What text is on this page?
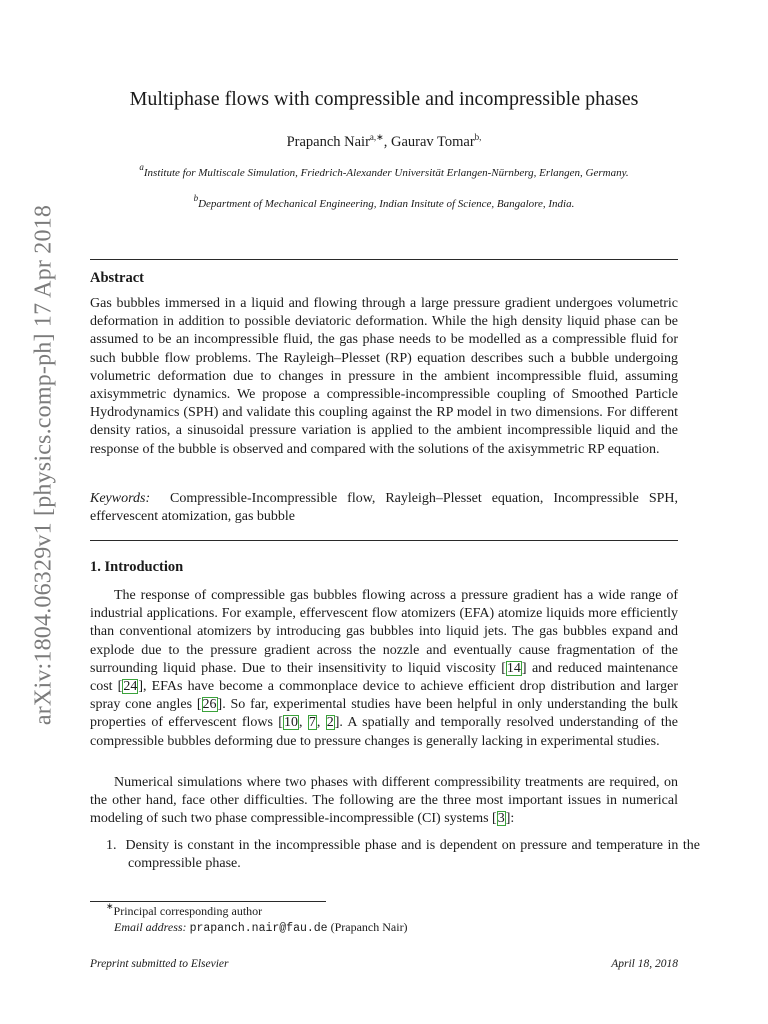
arXiv:1804.06329v1 [physics.comp-ph] 17 Apr 2018
Multiphase flows with compressible and incompressible phases
Prapanch Nair$^{a,∗}$, Gaurav Tomar$^{b,}$
$^a$Institute for Multiscale Simulation, Friedrich-Alexander Universität Erlangen-Nürnberg, Erlangen, Germany.
$^b$Department of Mechanical Engineering, Indian Insitute of Science, Bangalore, India.
Abstract

Gas bubbles immersed in a liquid and flowing through a large pressure gradient undergoes volumetric deformation in addition to possible deviatoric deformation. While the high density liquid phase can be assumed to be an incompressible fluid, the gas phase needs to be modelled as a compressible fluid for such bubble flow problems. The Rayleigh–Plesset (RP) equation describes such a bubble undergoing volumetric deformation due to changes in pressure in the ambient incompressible fluid, assuming axisymmetric dynamics. We propose a compressible-incompressible coupling of Smoothed Particle Hydrodynamics (SPH) and validate this coupling against the RP model in two dimensions. For different density ratios, a sinusoidal pressure variation is applied to the ambient incompressible liquid and the response of the bubble is observed and compared with the solutions of the axisymmetric RP equation.

Keywords: Compressible-Incompressible flow, Rayleigh–Plesset equation, Incompressible SPH, effervescent atomization, gas bubble

1. Introduction

The response of compressible gas bubbles flowing across a pressure gradient has a wide range of industrial applications. For example, effervescent flow atomizers (EFA) atomize liquids more efficiently than conventional atomizers by introducing gas bubbles into liquid jets. The gas bubbles expand and explode due to the pressure gradient across the nozzle and eventually cause fragmentation of the surrounding liquid phase. Due to their insensitivity to liquid viscosity [14] and reduced maintenance cost [24], EFAs have become a commonplace device to achieve efficient drop distribution and larger spray cone angles [26]. So far, experimental studies have been helpful in only understanding the bulk properties of effervescent flows [10, 7, 2]. A spatially and temporally resolved understanding of the compressible bubbles deforming due to pressure changes is generally lacking in experimental studies.

Numerical simulations where two phases with different compressibility treatments are required, on the other hand, face other difficulties. The following are the three most important issues in numerical modeling of such two phase compressible-incompressible (CI) systems [3]:

1. Density is constant in the incompressible phase and is dependent on pressure and temperature in the compressible phase.

∗Principal corresponding author
Email address: prapanch.nair@fau.de (Prapanch Nair)
Preprint submitted to Elsevier	April 18, 2018
